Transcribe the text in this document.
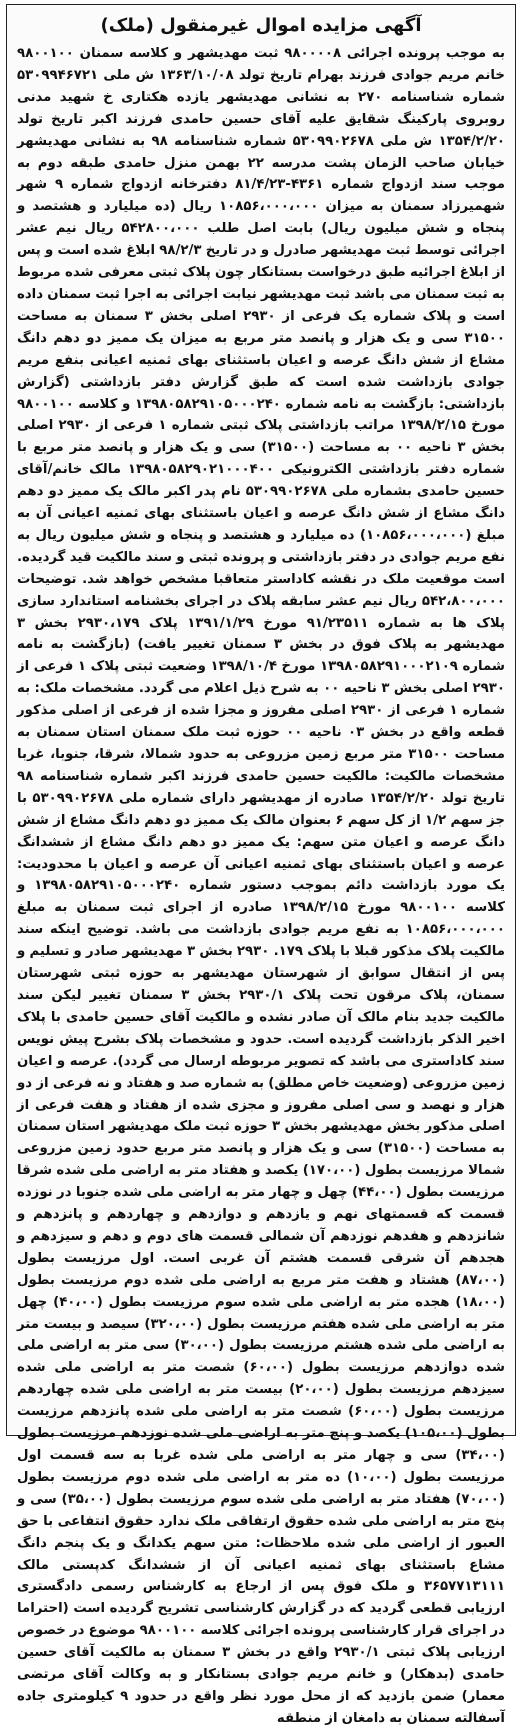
آگهی مزایده اموال غیرمنقول (ملک)

به موجب پرونده اجرائی ۹۸۰۰۰۰۸ ثبت مهدیشهر و کلاسه سمنان ۹۸۰۰۱۰۰ خانم مریم جوادی فرزند بهرام تاریخ تولد ۱۳۶۳/۱۰/۰۸ ش ملی ۵۳۰۹۹۴۶۷۲۱ شماره شناسنامه ۲۷۰ به نشانی مهدیشهر یازده هکتاری خ شهید مدنی روبروی پارکینگ شقایق علیه آقای حسین حامدی فرزند اکبر تاریخ تولد ۱۳۵۴/۲/۲۰ ش ملی ۵۳۰۹۹۰۲۶۷۸ شماره شناسنامه ۹۸ به نشانی مهدیشهر خیابان صاحب الزمان پشت مدرسه ۲۲ بهمن منزل حامدی طبقه دوم به موجب سند ازدواج شماره ۴۳۶۱-۸۱/۴/۲۳ دفترخانه ازدواج شماره ۹ شهر شهمیرزاد سمنان به میزان ۱۰۸۵۶،۰۰۰،۰۰۰ ریال (ده میلیارد و هشتصد و پنجاه و شش میلیون ریال) بابت اصل طلب ۵۴۲۸۰۰،۰۰۰ ریال نیم عشر اجرائی توسط ثبت مهدیشهر صادرل و در تاریخ ۹۸/۲/۳ ابلاغ شده است و پس از ابلاغ اجرائیه طبق درخواست بستانکار چون پلاک ثبتی معرفی شده مربوط به ثبت سمنان می باشد ثبت مهدیشهر نیابت اجرائی به اجرا ثبت سمنان داده است و پلاک شماره یک فرعی از ۲۹۳۰ اصلی بخش ۳ سمنان به مساحت ۳۱۵۰۰ سی و یک هزار و پانصد متر مربع به میزان یک ممیز دو دهم دانگ مشاع از شش دانگ عرصه و اعیان باستثنای بهای ثمنیه اعیانی بنفع مریم جوادی بازداشت شده است که طبق گزارش دفتر بازداشتی (گزارش بازداشتی: بازگشت به نامه شماره ۱۳۹۸۰۵۸۲۹۱۰۵۰۰۰۲۴۰ و کلاسه ۹۸۰۰۱۰۰ مورخ ۱۳۹۸/۲/۱۵ مراتب بازداشتی پلاک ثبتی شماره ۱ فرعی از ۲۹۳۰ اصلی بخش ۳ ناحیه ۰۰ به مساحت (۳۱۵۰۰) سی و یک هزار و پانصد متر مربع با شماره دفتر بازداشتی الکترونیکی ۱۳۹۸۰۵۸۲۹۰۲۱۰۰۰۴۰۰ مالک خانم/آقای حسین حامدی بشماره ملی ۵۳۰۹۹۰۲۶۷۸ نام پدر اکبر مالک یک ممیز دو دهم دانگ مشاع از شش دانگ عرصه و اعیان باستثنای بهای ثمنیه اعیانی آن به مبلغ (۱۰۸۵۶،۰۰۰،۰۰۰) ده میلیارد و هشتصد و پنجاه و شش میلیون ریال به نفع مریم جوادی در دفتر بازداشتی و پرونده ثبتی و سند مالکیت قید گردیده. است موقعیت ملک در نقشه کاداستر متعاقبا مشخص خواهد شد. توضیحات ۵۴۲،۸۰۰،۰۰۰ ریال نیم عشر سابقه پلاک در اجرای بخشنامه استاندارد سازی پلاک ها به شماره ۹۱/۲۳۵۱۱ مورخ ۱۳۹۱/۱/۲۹ پلاک ۲۹۳۰،۱۷۹ بخش ۳ مهدیشهر به پلاک فوق در بخش ۳ سمنان تغییر یافت) (بازگشت به نامه شماره ۱۳۹۸۰۵۸۲۹۱۰۰۰۲۱۰۹ مورخ ۱۳۹۸/۱۰/۴ وضعیت ثبتی پلاک ۱ فرعی از ۲۹۳۰ اصلی بخش ۳ ناحیه ۰۰ به شرح ذیل اعلام می گردد. مشخصات ملک: به شماره ۱ فرعی از ۲۹۳۰ اصلی مفروز و مجزا شده از فرعی از اصلی مذکور قطعه واقع در بخش ۰۳ ناحیه ۰۰ حوزه ثبت ملک سمنان استان سمنان به مساحت ۳۱۵۰۰ متر مربع زمین مزروعی به حدود شمالا، شرقا، جنوبا، غربا مشخصات مالکیت: مالکیت حسین حامدی فرزند اکبر شماره شناسنامه ۹۸ تاریخ تولد ۱۳۵۴/۲/۲۰ صادره از مهدیشهر دارای شماره ملی ۵۳۰۹۹۰۲۶۷۸ با جز سهم ۱/۲ از کل سهم ۶ بعنوان مالک یک ممیز دو دهم دانگ مشاع از شش دانگ عرصه و اعیان متن سهم: یک ممیز دو دهم دانگ مشاع از ششدانگ عرصه و اعیان باستثنای بهای ثمنیه اعیانی آن عرصه و اعیان با محدودیت: یک مورد بازداشت دائم بموجب دستور شماره ۱۳۹۸۰۵۸۲۹۱۰۵۰۰۰۲۴۰ و کلاسه ۹۸۰۰۱۰۰ مورخ ۱۳۹۸/۲/۱۵ صادره از اجرای ثبت سمنان به مبلغ ۱۰۸۵۶،۰۰۰،۰۰۰ به نفع مریم جوادی بازداشت می باشد. توضیح اینکه سند مالکیت پلاک مذکور قبلا با پلاک ۱۷۹. ۲۹۳۰ بخش ۳ مهدیشهر صادر و تسلیم و پس از انتقال سوابق از شهرستان مهدیشهر به حوزه ثبتی شهرستان سمنان، پلاک مرقون تحت پلاک ۲۹۳۰/۱ بخش ۳ سمنان تغییر لیکن سند مالکیت جدید بنام مالک آن صادر نشده و مالکیت آقای حسین حامدی با پلاک اخیر الذکر بازداشت گردیده است. حدود و مشخصات پلاک بشرح پیش نویس سند کاداستری می باشد که تصویر مربوطه ارسال می گردد). عرصه و اعیان زمین مزروعی (وضعیت خاص مطلق) به شماره صد و هفتاد و نه فرعی از دو هزار و نهصد و سی اصلی مفروز و مجزی شده از هفتاد و هفت فرعی از اصلی مذکور بخش مهدیشهر بخش ۳ حوزه ثبت ملک مهدیشهر استان سمنان به مساحت (۳۱۵۰۰) سی و یک هزار و پانصد متر مربع حدود زمین مزروعی شمالا مرزیست بطول (۱۷۰،۰۰) یکصد و هفتاد متر به اراضی ملی شده شرقا مرزیست بطول (۴۴،۰۰) چهل و چهار متر به اراضی ملی شده جنوبا در نوزده قسمت که قسمتهای نهم و یازدهم و دوازدهم و چهاردهم و پانزدهم و شانزدهم و هفدهم نوزدهم آن شمالی قسمت های دوم و دهم و سیزدهم و هجدهم آن شرقی قسمت هشتم آن غربی است. اول مرزیست بطول (۸۷،۰۰) هشتاد و هفت متر مربع به اراضی ملی شده دوم مرزیست بطول (۱۸،۰۰) هجده متر به اراضی ملی شده سوم مرزیست بطول (۴۰،۰۰) چهل متر به اراضی ملی شده هفتم مرزیست بطول (۳۲۰،۰۰) سیصد و بیست متر به اراضی ملی شده هشتم مرزیست بطول (۳۰،۰۰) سی متر به اراضی ملی شده دوازدهم مرزیست بطول (۶۰،۰۰) شصت متر به اراضی ملی شده سیزدهم مرزیست بطول (۲۰،۰۰) بیست متر به اراضی ملی شده چهاردهم مرزیست بطول (۶۰،۰۰) شصت متر به اراضی ملی شده پانزدهم مرزیست بطول (۱۰۵،۰۰) یکصد و پنج متر به اراضی ملی شده نوزدهم مرزیست بطول (۳۴،۰۰) سی و چهار متر به اراضی ملی شده غربا به سه قسمت اول مرزیست بطول (۱۰،۰۰) ده متر به اراضی ملی شده دوم مرزیست بطول (۷۰،۰۰) هفتاد متر به اراضی ملی شده سوم مرزیست بطول (۳۵،۰۰) سی و پنج متر به اراضی ملی شده حقوق ارتفاقی ملک ندارد حقوق انتفاعی با حق العبور از اراضی ملی شده ملاحظات: متن سهم یکدانگ و یک پنجم دانگ مشاع باستثنای بهای ثمنیه اعیانی آن از ششدانگ کدپستی مالک ۳۶۵۷۷۱۳۱۱۱ و ملک فوق پس از ارجاع به کارشناس رسمی دادگستری ارزیابی قطعی گردید که در گزارش کارشناسی تشریح گردیده است (احتراما در اجرای قرار کارشناسی پرونده اجرائی کلاسه ۹۸۰۰۱۰۰ موضوع در خصوص ارزیابی پلاک ثبتی ۲۹۳۰/۱ واقع در بخش ۳ سمنان به مالکیت آقای حسین حامدی (بدهکار) و خانم مریم جوادی بستانکار و به وکالت آقای مرتضی معمار) ضمن بازدید که از محل مورد نظر واقع در حدود ۹ کیلومتری جاده آسفالته سمنان به دامغان از منطقه
